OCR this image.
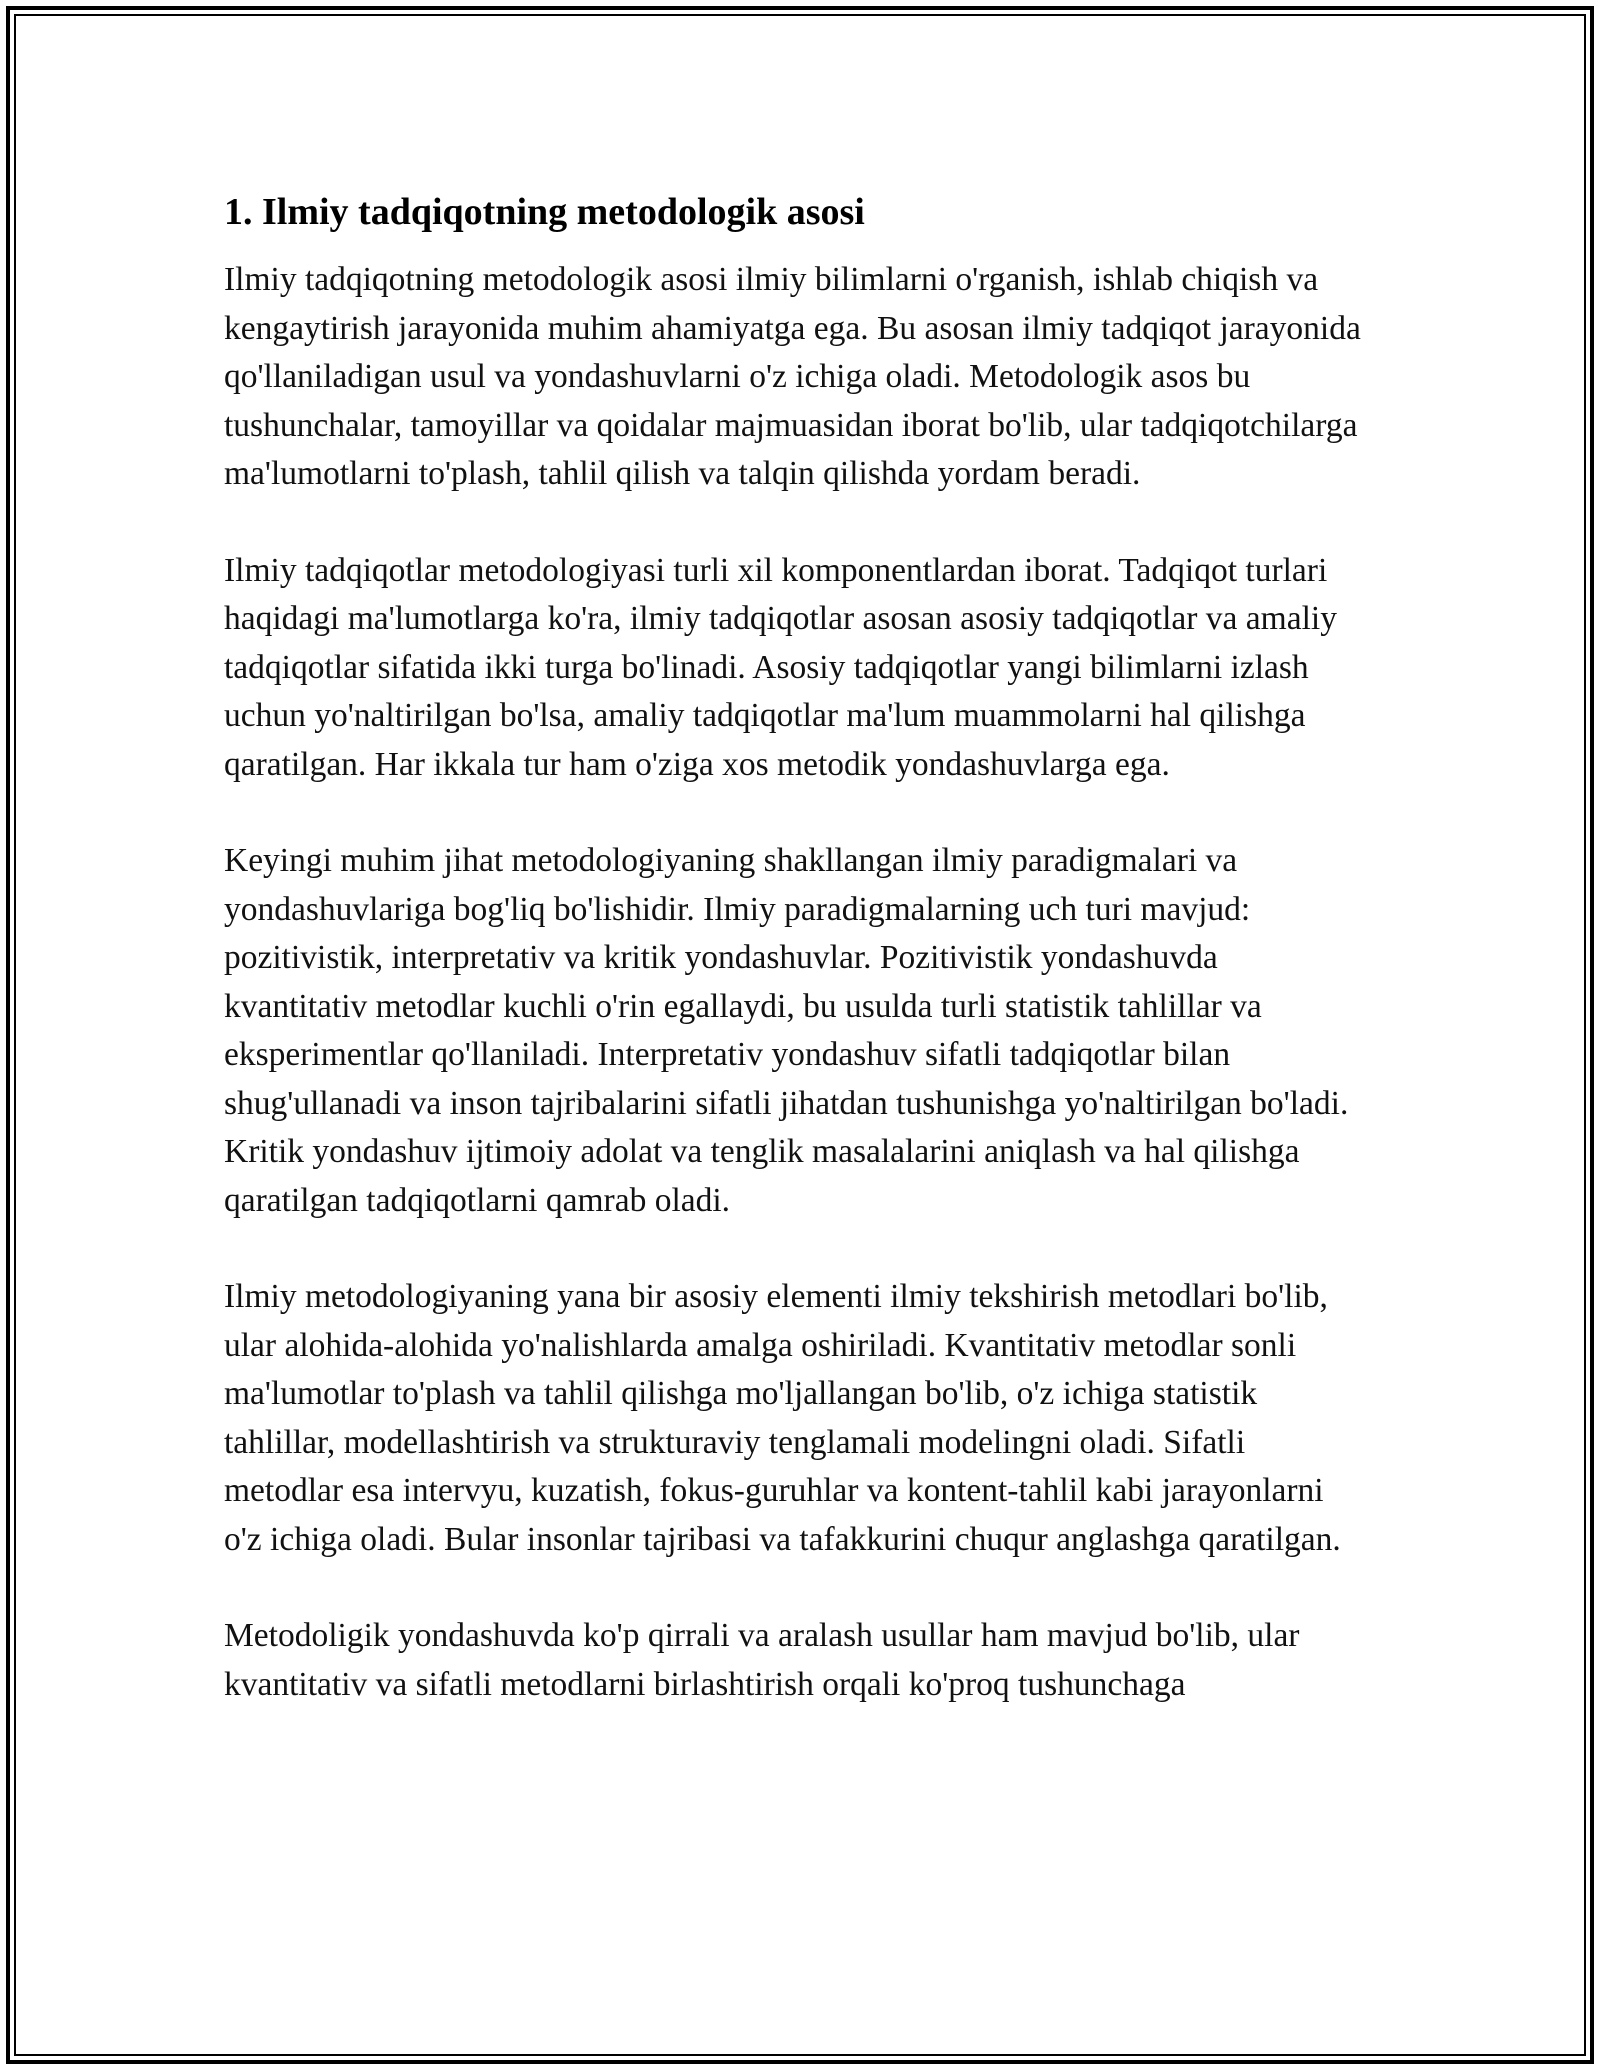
1. Ilmiy tadqiqotning metodologik asosi

Ilmiy tadqiqotning metodologik asosi ilmiy bilimlarni o'rganish, ishlab chiqish va kengaytirish jarayonida muhim ahamiyatga ega. Bu asosan ilmiy tadqiqot jarayonida qo'llaniladigan usul va yondashuvlarni o'z ichiga oladi. Metodologik asos bu tushunchalar, tamoyillar va qoidalar majmuasidan iborat bo'lib, ular tadqiqotchilarga ma'lumotlarni to'plash, tahlil qilish va talqin qilishda yordam beradi.

Ilmiy tadqiqotlar metodologiyasi turli xil komponentlardan iborat. Tadqiqot turlari haqidagi ma'lumotlarga ko'ra, ilmiy tadqiqotlar asosan asosiy tadqiqotlar va amaliy tadqiqotlar sifatida ikki turga bo'linadi. Asosiy tadqiqotlar yangi bilimlarni izlash uchun yo'naltirilgan bo'lsa, amaliy tadqiqotlar ma'lum muammolarni hal qilishga qaratilgan. Har ikkala tur ham o'ziga xos metodik yondashuvlarga ega.

Keyingi muhim jihat metodologiyaning shakllangan ilmiy paradigmalari va yondashuvlariga bog'liq bo'lishidir. Ilmiy paradigmalarning uch turi mavjud: pozitivistik, interpretativ va kritik yondashuvlar. Pozitivistik yondashuvda kvantitativ metodlar kuchli o'rin egallaydi, bu usulda turli statistik tahlillar va eksperimentlar qo'llaniladi. Interpretativ yondashuv sifatli tadqiqotlar bilan shug'ullanadi va inson tajribalarini sifatli jihatdan tushunishga yo'naltirilgan bo'ladi. Kritik yondashuv ijtimoiy adolat va tenglik masalalarini aniqlash va hal qilishga qaratilgan tadqiqotlarni qamrab oladi.

Ilmiy metodologiyaning yana bir asosiy elementi ilmiy tekshirish metodlari bo'lib, ular alohida-alohida yo'nalishlarda amalga oshiriladi. Kvantitativ metodlar sonli ma'lumotlar to'plash va tahlil qilishga mo'ljallangan bo'lib, o'z ichiga statistik tahlillar, modellashtirish va strukturaviy tenglamali modelingni oladi. Sifatli metodlar esa intervyu, kuzatish, fokus-guruhlar va kontent-tahlil kabi jarayonlarni o'z ichiga oladi. Bular insonlar tajribasi va tafakkurini chuqur anglashga qaratilgan.

Metodoligik yondashuvda ko'p qirrali va aralash usullar ham mavjud bo'lib, ular kvantitativ va sifatli metodlarni birlashtirish orqali ko'proq tushunchaga
